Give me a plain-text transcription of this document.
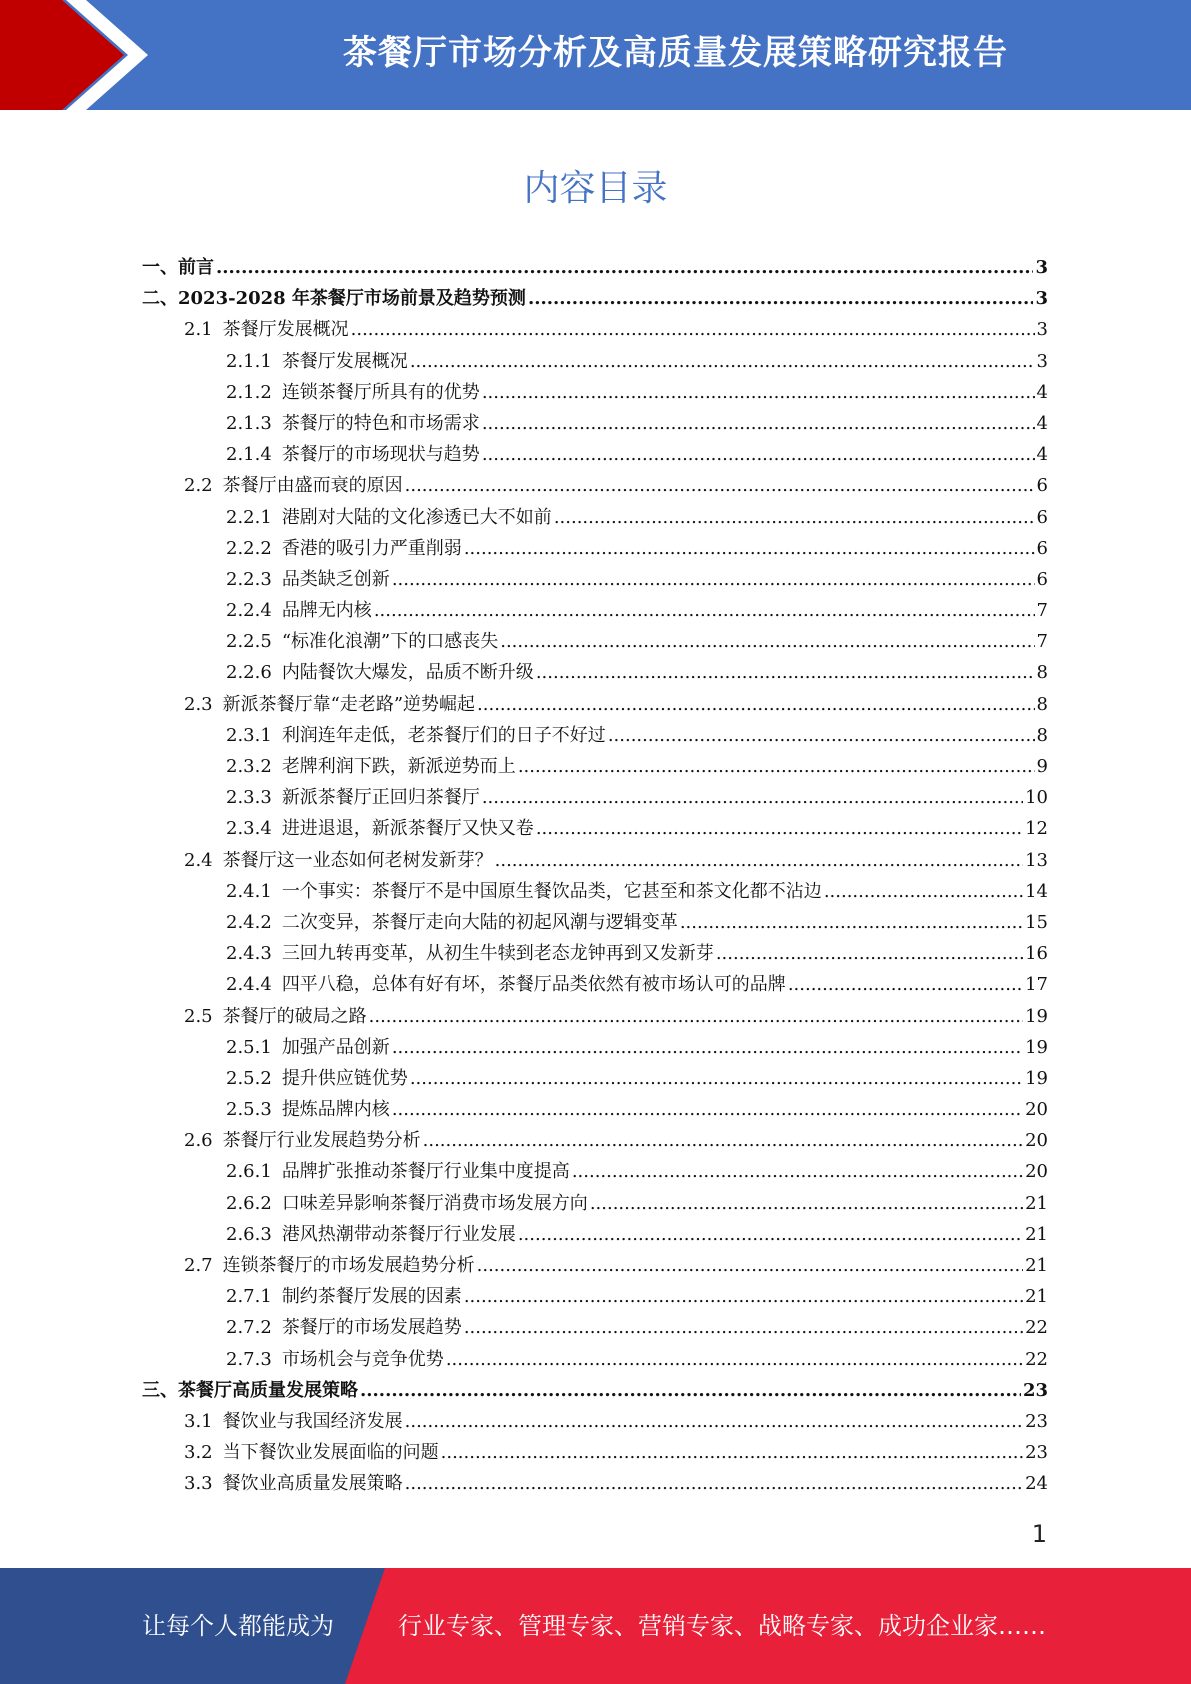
茶餐厅市场分析及高质量发展策略研究报告
内容目录
一、 前言 .....	3
二、 2023-2028 年茶餐厅市场前景及趋势预测 .....	3
2.1 茶餐厅发展概况 .....	3
2.1.1 茶餐厅发展概况 .....	3
2.1.2 连锁茶餐厅所具有的优势 .....	4
2.1.3 茶餐厅的特色和市场需求 .....	4
2.1.4 茶餐厅的市场现状与趋势 .....	4
2.2 茶餐厅由盛而衰的原因 .....	6
2.2.1 港剧对大陆的文化渗透已大不如前 .....	6
2.2.2 香港的吸引力严重削弱 .....	6
2.2.3 品类缺乏创新 .....	6
2.2.4 品牌无内核 .....	7
2.2.5 “标准化浪潮”下的口感丧失 .....	7
2.2.6 内陆餐饮大爆发，品质不断升级 .....	8
2.3 新派茶餐厅靠“走老路”逆势崛起 .....	8
2.3.1 利润连年走低，老茶餐厅们的日子不好过 .....	8
2.3.2 老牌利润下跌，新派逆势而上 .....	9
2.3.3 新派茶餐厅正回归茶餐厅 .....	10
2.3.4 进进退退，新派茶餐厅又快又卷 .....	12
2.4 茶餐厅这一业态如何老树发新芽？ .....	13
2.4.1 一个事实：茶餐厅不是中国原生餐饮品类，它甚至和茶文化都不沾边 .....	14
2.4.2 二次变异，茶餐厅走向大陆的初起风潮与逻辑变革 .....	15
2.4.3 三回九转再变革，从初生牛犊到老态龙钟再到又发新芽 .....	16
2.4.4 四平八稳，总体有好有坏，茶餐厅品类依然有被市场认可的品牌 .....	17
2.5 茶餐厅的破局之路 .....	19
2.5.1 加强产品创新 .....	19
2.5.2 提升供应链优势 .....	19
2.5.3 提炼品牌内核 .....	20
2.6 茶餐厅行业发展趋势分析 .....	20
2.6.1 品牌扩张推动茶餐厅行业集中度提高 .....	20
2.6.2 口味差异影响茶餐厅消费市场发展方向 .....	21
2.6.3 港风热潮带动茶餐厅行业发展 .....	21
2.7 连锁茶餐厅的市场发展趋势分析 .....	21
2.7.1 制约茶餐厅发展的因素 .....	21
2.7.2 茶餐厅的市场发展趋势 .....	22
2.7.3 市场机会与竞争优势 .....	22
三、 茶餐厅高质量发展策略 .....	23
3.1 餐饮业与我国经济发展 .....	23
3.2 当下餐饮业发展面临的问题 .....	23
3.3 餐饮业高质量发展策略 .....	24
1
让每个人都能成为	行业专家、管理专家、营销专家、战略专家、成功企业家……
